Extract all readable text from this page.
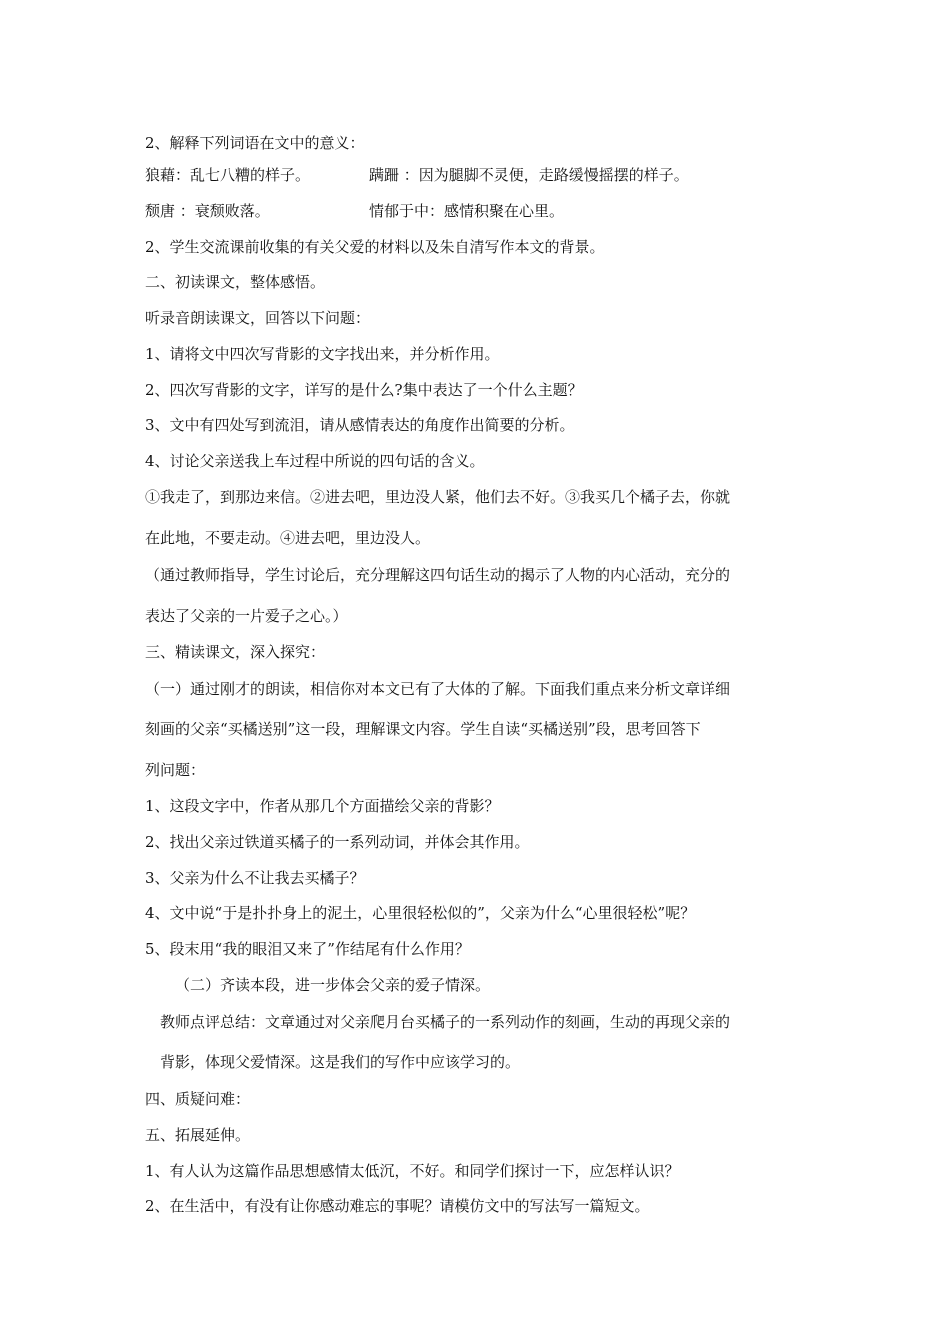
2、解释下列词语在文中的意义：
狼藉：乱七八糟的样子。	蹒跚 ：因为腿脚不灵便，走路缓慢摇摆的样子。
颓唐 ：衰颓败落。	情郁于中：感情积聚在心里。
2、学生交流课前收集的有关父爱的材料以及朱自清写作本文的背景。
二、初读课文，整体感悟。
听录音朗读课文，回答以下问题：
1、请将文中四次写背影的文字找出来，并分析作用。
2、四次写背影的文字，详写的是什么?集中表达了一个什么主题？
3、文中有四处写到流泪，请从感情表达的角度作出简要的分析。
4、讨论父亲送我上车过程中所说的四句话的含义。
①我走了，到那边来信。②进去吧，里边没人紧，他们去不好。③我买几个橘子去，你就
在此地，不要走动。④进去吧，里边没人。
（通过教师指导，学生讨论后，充分理解这四句话生动的揭示了人物的内心活动，充分的
表达了父亲的一片爱子之心。）
三、精读课文，深入探究：
（一）通过刚才的朗读，相信你对本文已有了大体的了解。下面我们重点来分析文章详细
刻画的父亲“买橘送别”这一段，理解课文内容。学生自读“买橘送别”段，思考回答下
列问题：
1、这段文字中，作者从那几个方面描绘父亲的背影？
2、找出父亲过铁道买橘子的一系列动词，并体会其作用。
3、父亲为什么不让我去买橘子？
4、文中说“于是扑扑身上的泥土，心里很轻松似的”，父亲为什么“心里很轻松”呢？
5、段末用“我的眼泪又来了”作结尾有什么作用？
（二）齐读本段，进一步体会父亲的爱子情深。
教师点评总结：文章通过对父亲爬月台买橘子的一系列动作的刻画，生动的再现父亲的
背影，体现父爱情深。这是我们的写作中应该学习的。
四、质疑问难：
五、拓展延伸。
1、有人认为这篇作品思想感情太低沉，不好。和同学们探讨一下，应怎样认识？
2、在生活中，有没有让你感动难忘的事呢？请模仿文中的写法写一篇短文。
